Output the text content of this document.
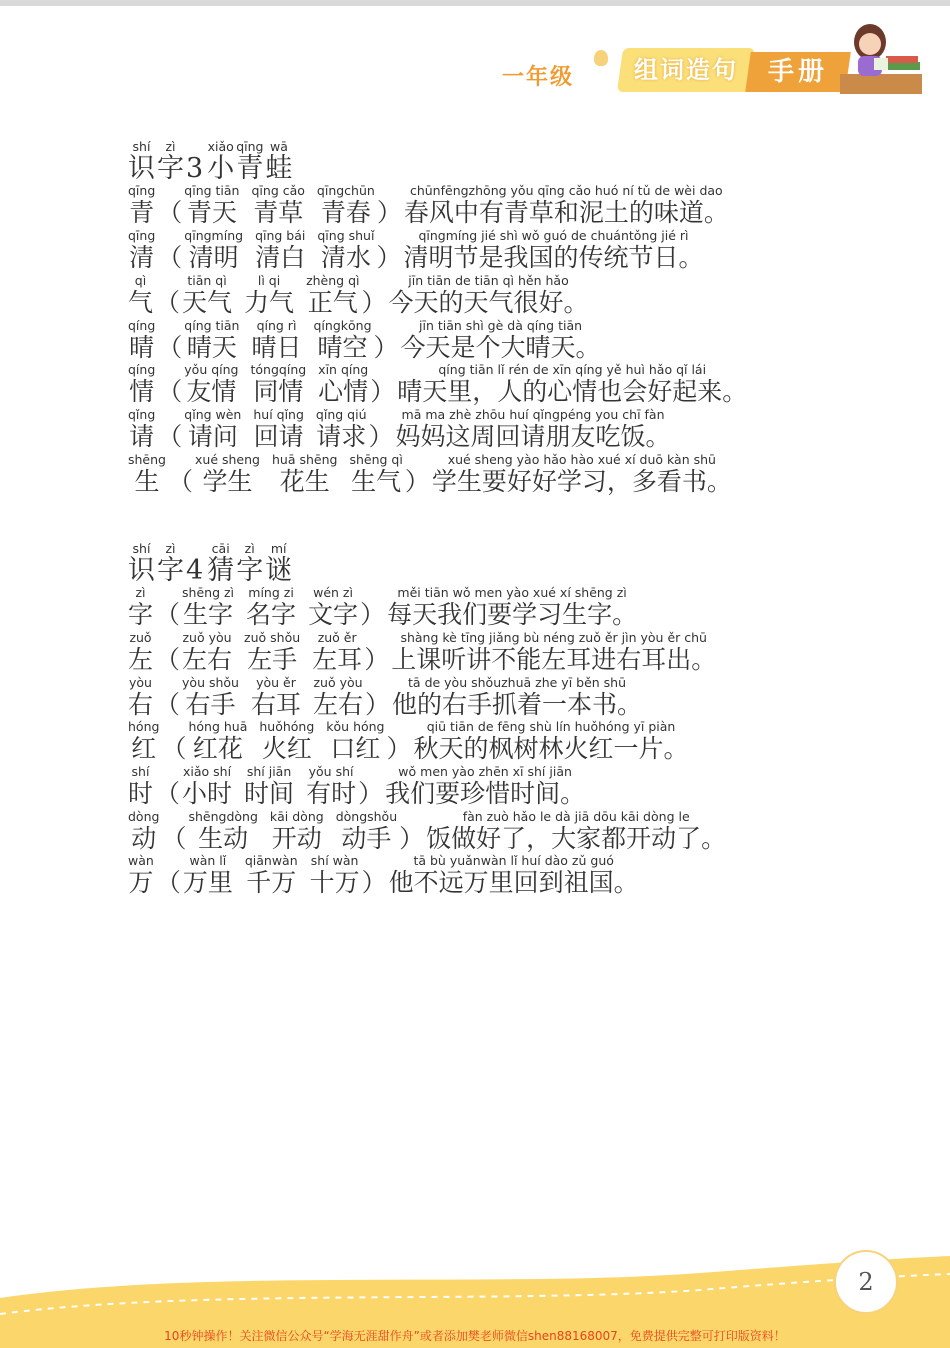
一年级	组词造句	手册
shí
识
zì
字 3
xiǎo
小
qīng
青
wā
蛙
qīng
青 （
qīng tiān
青天
qīng cǎo
青草
qīngchūn
青春 ）
chūnfēngzhōng yǒu qīng cǎo huó ní tǔ de wèi dao
春风中有青草和泥土的味道。
qīng
清 （
qīngmíng
清明
qīng bái
清白
qīng shuǐ
清水 ）
qīngmíng jié shì wǒ guó de chuántǒng jié rì
清明节是我国的传统节日。
qì
气 （
tiān qì
天气
lì qi
力气
zhèng qì
正气 ）
jīn tiān de tiān qì hěn hǎo
今天的天气很好。
qíng
晴 （
qíng tiān
晴天
qíng rì
晴日
qíngkōng
晴空 ）
jīn tiān shì gè dà qíng tiān
今天是个大晴天。
qíng
情 （
yǒu qíng
友情
tóngqíng
同情
xīn qíng
心情 ）
qíng tiān lǐ rén de xīn qíng yě huì hǎo qǐ lái
晴天里，人的心情也会好起来。
qǐng
请 （
qǐng wèn
请问
huí qǐng
回请
qǐng qiú
请求 ）
mā ma zhè zhōu huí qǐngpéng you chī fàn
妈妈这周回请朋友吃饭。
shēng
生 （
xué sheng
学生
huā shēng
花生
shēng qì
生气 ）
xué sheng yào hǎo hào xué xí duō kàn shū
学生要好好学习，多看书。
shí
识
zì
字 4
cāi
猜
zì
字
mí
谜
zì
字 （
shēng zì
生字
míng zi
名字
wén zì
文字 ）
měi tiān wǒ men yào xué xí shēng zì
每天我们要学习生字。
zuǒ
左 （
zuǒ yòu
左右
zuǒ shǒu
左手
zuǒ ěr
左耳 ）
shàng kè tīng jiǎng bù néng zuǒ ěr jìn yòu ěr chū
上课听讲不能左耳进右耳出。
yòu
右 （
yòu shǒu
右手
yòu ěr
右耳
zuǒ yòu
左右 ）
tā de yòu shǒuzhuā zhe yī běn shū
他的右手抓着一本书。
hóng
红 （
hóng huā
红花
huǒhóng
火红
kǒu hóng
口红 ）
qiū tiān de fēng shù lín huǒhóng yī piàn
秋天的枫树林火红一片。
shí
时 （
xiǎo shí
小时
shí jiān
时间
yǒu shí
有时 ）
wǒ men yào zhēn xī shí jiān
我们要珍惜时间。
dòng
动 （
shēngdòng
生动
kāi dòng
开动
dòngshǒu
动手 ）
fàn zuò hǎo le dà jiā dōu kāi dòng le
饭做好了，大家都开动了。
wàn
万 （
wàn lǐ
万里
qiānwàn
千万
shí wàn
十万 ）
tā bù yuǎnwàn lǐ huí dào zǔ guó
他不远万里回到祖国。
2
10秒钟操作！关注微信公众号“学海无涯甜作舟”或者添加樊老师微信shen88168007，免费提供完整可打印版资料！
